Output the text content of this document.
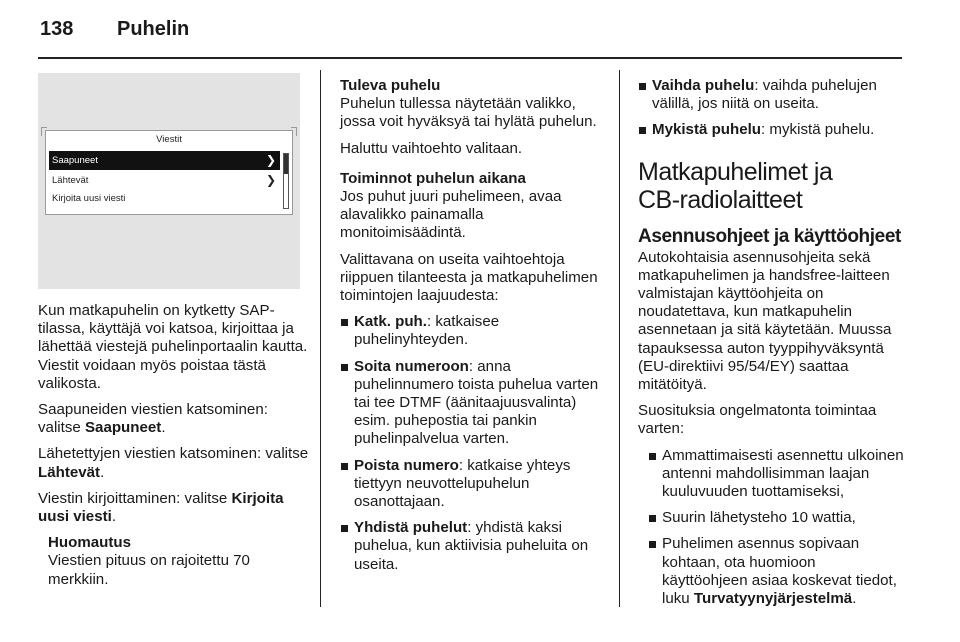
138 Puhelin
Viestit
Saapuneet	❯
Lähtevät	❯
Kirjoita uusi viesti

Kun matkapuhelin on kytketty SAP-tilassa, käyttäjä voi katsoa, kirjoittaa ja lähettää viestejä puhelinportaalin kautta. Viestit voidaan myös poistaa tästä valikosta.

Saapuneiden viestien katsominen: valitse Saapuneet.

Lähetettyjen viestien katsominen: valitse Lähtevät.

Viestin kirjoittaminen: valitse Kirjoita uusi viesti.

Huomautus

Viestien pituus on rajoitettu 70 merkkiin.

Tuleva puhelu

Puhelun tullessa näytetään valikko, jossa voit hyväksyä tai hylätä puhelun.

Haluttu vaihtoehto valitaan.

Toiminnot puhelun aikana

Jos puhut juuri puhelimeen, avaa alavalikko painamalla monitoimisäädintä.

Valittavana on useita vaihtoehtoja riippuen tilanteesta ja matkapuhelimen toimintojen laajuudesta:

Katk. puh.: katkaisee puhelinyhteyden.
Soita numeroon: anna puhelinnumero toista puhelua varten tai tee DTMF (äänitaajuusvalinta) esim. puhepostia tai pankin puhelinpalvelua varten.
Poista numero: katkaise yhteys tiettyyn neuvottelupuhelun osanottajaan.
Yhdistä puhelut: yhdistä kaksi puhelua, kun aktiivisia puheluita on useita.
Vaihda puhelu: vaihda puhelujen välillä, jos niitä on useita.
Mykistä puhelu: mykistä puhelu.
Matkapuhelimet ja
CB-radiolaitteet
Asennusohjeet ja käyttöohjeet

Autokohtaisia asennusohjeita sekä matkapuhelimen ja handsfree-laitteen valmistajan käyttöohjeita on noudatettava, kun matkapuhelin asennetaan ja sitä käytetään. Muussa tapauksessa auton tyyppihyväksyntä (EU-direktiivi 95/54/EY) saattaa mitätöityä.

Suosituksia ongelmatonta toimintaa varten:

Ammattimaisesti asennettu ulkoinen antenni mahdollisimman laajan kuuluvuuden tuottamiseksi,
Suurin lähetysteho 10 wattia,
Puhelimen asennus sopivaan kohtaan, ota huomioon käyttöohjeen asiaa koskevat tiedot, luku Turvatyynyjärjestelmä.
